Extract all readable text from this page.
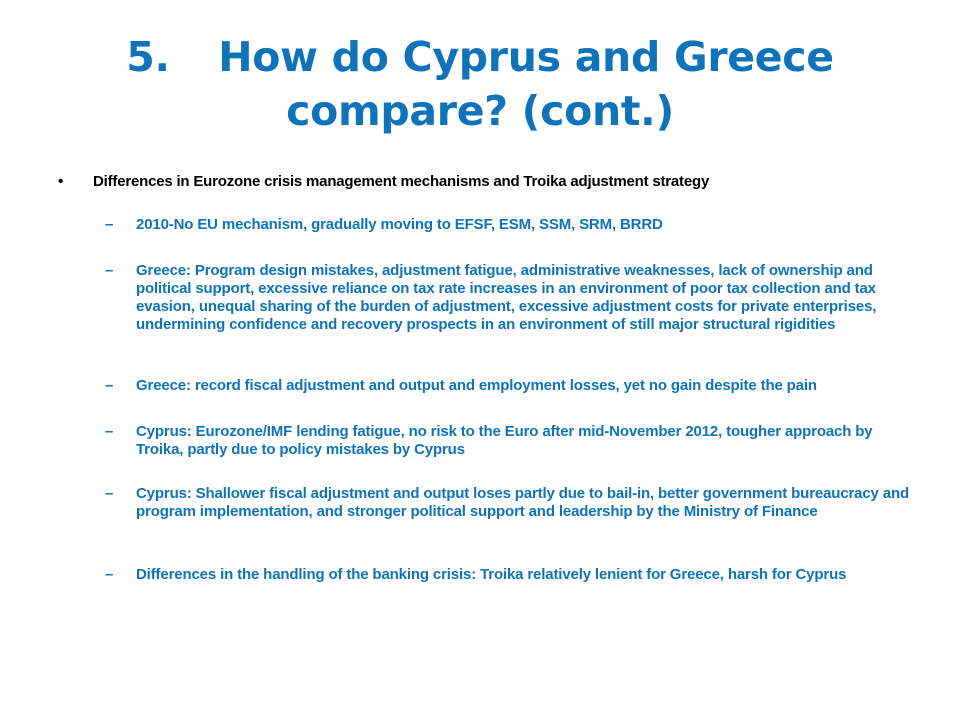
5. How do Cyprus and Greece
compare? (cont.)
• Differences in Eurozone crisis management mechanisms and Troika adjustment strategy
– 2010-No EU mechanism, gradually moving to EFSF, ESM, SSM, SRM, BRRD
– Greece: Program design mistakes, adjustment fatigue, administrative weaknesses, lack of ownership and political support, excessive reliance on tax rate increases in an environment of poor tax collection and tax evasion, unequal sharing of the burden of adjustment, excessive adjustment costs for private enterprises, undermining confidence and recovery prospects in an environment of still major structural rigidities
– Greece: record fiscal adjustment and output and employment losses, yet no gain despite the pain
– Cyprus: Eurozone/IMF lending fatigue, no risk to the Euro after mid-November 2012, tougher approach by Troika, partly due to policy mistakes by Cyprus
– Cyprus: Shallower fiscal adjustment and output loses partly due to bail-in, better government bureaucracy and program implementation, and stronger political support and leadership by the Ministry of Finance
– Differences in the handling of the banking crisis: Troika relatively lenient for Greece, harsh for Cyprus
